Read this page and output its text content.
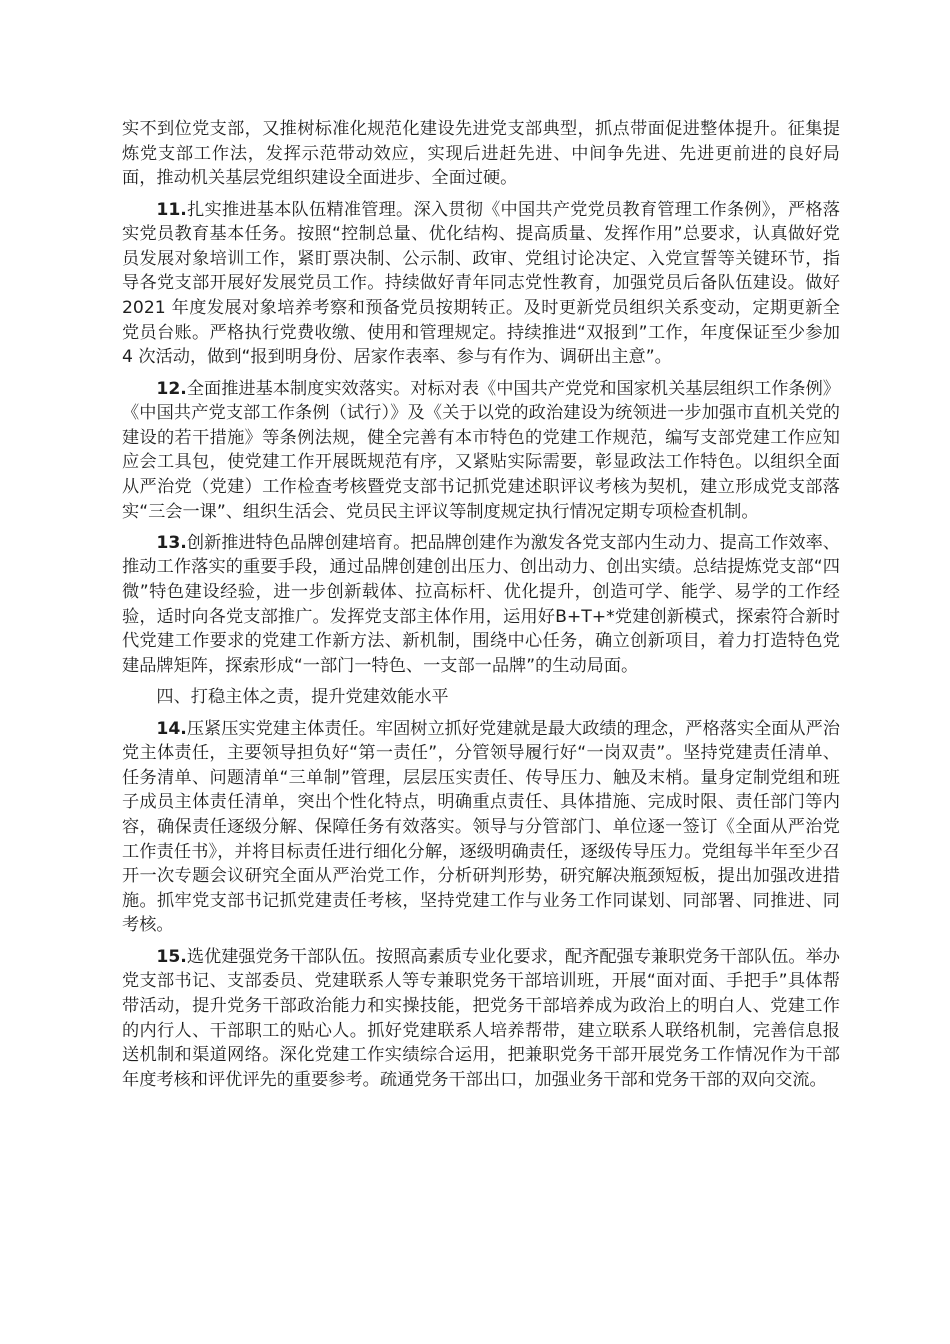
实不到位党支部，又推树标准化规范化建设先进党支部典型，抓点带面促进整体提升。征集提炼党支部工作法，发挥示范带动效应，实现后进赶先进、中间争先进、先进更前进的良好局面，推动机关基层党组织建设全面进步、全面过硬。

11.扎实推进基本队伍精准管理。深入贯彻《中国共产党党员教育管理工作条例》，严格落实党员教育基本任务。按照“控制总量、优化结构、提高质量、发挥作用”总要求，认真做好党员发展对象培训工作，紧盯票决制、公示制、政审、党组讨论决定、入党宣誓等关键环节，指导各党支部开展好发展党员工作。持续做好青年同志党性教育，加强党员后备队伍建设。做好 2021 年度发展对象培养考察和预备党员按期转正。及时更新党员组织关系变动，定期更新全党员台账。严格执行党费收缴、使用和管理规定。持续推进“双报到”工作，年度保证至少参加 4 次活动，做到“报到明身份、居家作表率、参与有作为、调研出主意”。

12.全面推进基本制度实效落实。对标对表《中国共产党党和国家机关基层组织工作条例》《中国共产党支部工作条例（试行）》及《关于以党的政治建设为统领进一步加强市直机关党的建设的若干措施》等条例法规，健全完善有本市特色的党建工作规范，编写支部党建工作应知应会工具包，使党建工作开展既规范有序，又紧贴实际需要，彰显政法工作特色。以组织全面从严治党（党建）工作检查考核暨党支部书记抓党建述职评议考核为契机，建立形成党支部落实“三会一课”、组织生活会、党员民主评议等制度规定执行情况定期专项检查机制。

13.创新推进特色品牌创建培育。把品牌创建作为激发各党支部内生动力、提高工作效率、推动工作落实的重要手段，通过品牌创建创出压力、创出动力、创出实绩。总结提炼党支部“四微”特色建设经验，进一步创新载体、拉高标杆、优化提升，创造可学、能学、易学的工作经验，适时向各党支部推广。发挥党支部主体作用，运用好B+T+*党建创新模式，探索符合新时代党建工作要求的党建工作新方法、新机制，围绕中心任务，确立创新项目，着力打造特色党建品牌矩阵，探索形成“一部门一特色、一支部一品牌”的生动局面。

四、打稳主体之责，提升党建效能水平

14.压紧压实党建主体责任。牢固树立抓好党建就是最大政绩的理念，严格落实全面从严治党主体责任，主要领导担负好“第一责任”，分管领导履行好“一岗双责”。坚持党建责任清单、任务清单、问题清单“三单制”管理，层层压实责任、传导压力、触及末梢。量身定制党组和班子成员主体责任清单，突出个性化特点，明确重点责任、具体措施、完成时限、责任部门等内容，确保责任逐级分解、保障任务有效落实。领导与分管部门、单位逐一签订《全面从严治党工作责任书》，并将目标责任进行细化分解，逐级明确责任，逐级传导压力。党组每半年至少召开一次专题会议研究全面从严治党工作，分析研判形势，研究解决瓶颈短板，提出加强改进措施。抓牢党支部书记抓党建责任考核，坚持党建工作与业务工作同谋划、同部署、同推进、同考核。

15.选优建强党务干部队伍。按照高素质专业化要求，配齐配强专兼职党务干部队伍。举办党支部书记、支部委员、党建联系人等专兼职党务干部培训班，开展“面对面、手把手”具体帮带活动，提升党务干部政治能力和实操技能，把党务干部培养成为政治上的明白人、党建工作的内行人、干部职工的贴心人。抓好党建联系人培养帮带，建立联系人联络机制，完善信息报送机制和渠道网络。深化党建工作实绩综合运用，把兼职党务干部开展党务工作情况作为干部年度考核和评优评先的重要参考。疏通党务干部出口，加强业务干部和党务干部的双向交流。
